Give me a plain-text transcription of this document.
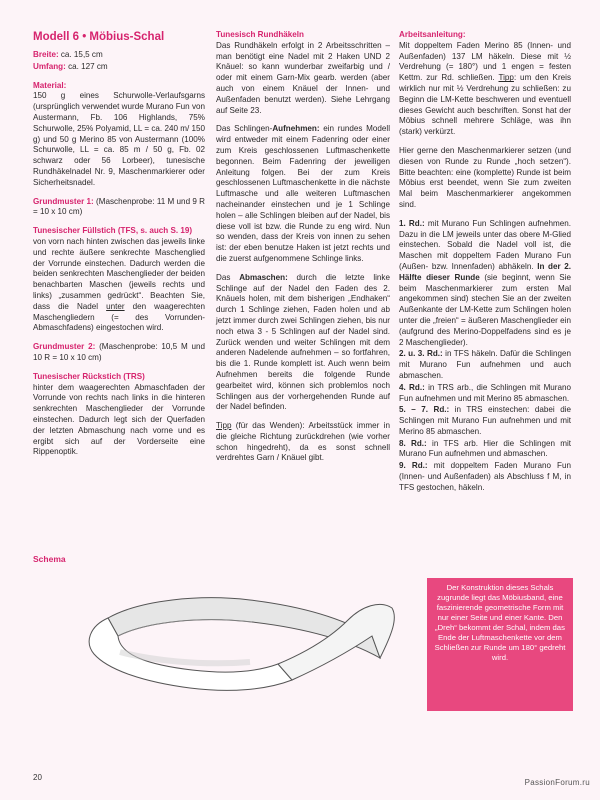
Modell 6 • Möbius-Schal

Breite: ca. 15,5 cm

Umfang: ca. 127 cm

Material:

150 g eines Schurwolle-Verlaufsgarns (ursprünglich verwendet wurde Murano Fun von Austermann, Fb. 106 Highlands, 75% Schurwolle, 25% Polyamid, LL = ca. 240 m/ 150 g) und 50 g Merino 85 von Austermann (100% Schurwolle, LL = ca. 85 m / 50 g, Fb. 02 schwarz oder 56 Lorbeer), tunesische Rundhäkelnadel Nr. 9, Maschenmarkierer oder Sicherheitsnadel.

Grundmuster 1: (Maschenprobe: 11 M und 9 R = 10 x 10 cm)

Tunesischer Füllstich (TFS, s. auch S. 19)

von vorn nach hinten zwischen das jeweils linke und rechte äußere senkrechte Maschenglied der Vorrunde einstechen. Dadurch werden die beiden senkrechten Maschenglieder der beiden benachbarten Maschen (jeweils rechts und links) „zusammen gedrückt“. Beachten Sie, dass die Nadel unter den waagerechten Maschengliedern (= des Vorrunden-Abmaschfadens) eingestochen wird.

Grundmuster 2: (Maschenprobe: 10,5 M und 10 R = 10 x 10 cm)

Tunesischer Rückstich (TRS)

hinter dem waagerechten Abmaschfaden der Vorrunde von rechts nach links in die hinteren senkrechten Maschenglieder der Vorrunde einstechen. Dadurch legt sich der Querfaden der letzten Abmaschung nach vorne und es ergibt sich auf der Vorderseite eine Rippenoptik.

Tunesisch Rundhäkeln

Das Rundhäkeln erfolgt in 2 Arbeitsschritten – man benötigt eine Nadel mit 2 Haken UND 2 Knäuel: so kann wunderbar zweifarbig und / oder mit einem Garn-Mix gearb. werden (aber auch von einem Knäuel der Innen- und Außenfaden benutzt werden). Siehe Lehrgang auf Seite 23.

Das Schlingen-Aufnehmen: ein rundes Modell wird entweder mit einem Fadenring oder einer zum Kreis geschlossenen Luftmaschenkette begonnen. Beim Fadenring der jeweiligen Anleitung folgen. Bei der zum Kreis geschlossenen Luftmaschenkette in die nächste Luftmasche und alle weiteren Luftmaschen nacheinander einstechen und je 1 Schlinge holen – alle Schlingen bleiben auf der Nadel, bis diese voll ist bzw. die Runde zu eng wird. Nun so wenden, dass der Kreis von innen zu sehen ist: der eben benutze Haken ist jetzt rechts und die zuerst aufgenommene Schlinge links.

Das Abmaschen: durch die letzte linke Schlinge auf der Nadel den Faden des 2. Knäuels holen, mit dem bisherigen „Endhaken“ durch 1 Schlinge ziehen, Faden holen und ab jetzt immer durch zwei Schlingen ziehen, bis nur noch etwa 3 - 5 Schlingen auf der Nadel sind. Zurück wenden und weiter Schlingen mit dem anderen Nadelende aufnehmen – so fortfahren, bis die 1. Runde komplett ist. Auch wenn beim Aufnehmen bereits die folgende Runde gearbeitet wird, können sich problemlos noch Schlingen aus der vorhergehenden Runde auf der Nadel befinden.

Tipp (für das Wenden): Arbeitsstück immer in die gleiche Richtung zurückdrehen (wie vorher schon hingedreht), da es sonst schnell verdrehtes Garn / Knäuel gibt.

Arbeitsanleitung:

Mit doppeltem Faden Merino 85 (Innen- und Außenfaden) 137 LM häkeln. Diese mit ½ Verdrehung (= 180°) und 1 engen = festen Kettm. zur Rd. schließen. Tipp: um den Kreis wirklich nur mit ½ Verdrehung zu schließen: zu Beginn die LM-Kette beschweren und eventuell dieses Gewicht auch beschriften. Sonst hat der Möbius schnell mehrere Schläge, was ihn (stark) verkürzt.

Hier gerne den Maschenmarkierer setzen (und diesen von Runde zu Runde „hoch setzen“). Bitte beachten: eine (komplette) Runde ist beim Möbius erst beendet, wenn Sie zum zweiten Mal beim Maschenmarkierer angekommen sind.

1. Rd.: mit Murano Fun Schlingen aufnehmen. Dazu in die LM jeweils unter das obere M-Glied einstechen. Sobald die Nadel voll ist, die Maschen mit doppeltem Faden Murano Fun (Außen- bzw. Innenfaden) abhäkeln. In der 2. Hälfte dieser Runde (sie beginnt, wenn Sie beim Maschenmarkierer zum ersten Mal angekommen sind) stechen Sie an der zweiten Außenkante der LM-Kette zum Schlingen holen unter die „freien“ = äußeren Maschenglieder ein (aufgrund des Merino-Doppelfadens sind es je 2 Maschenglieder).

2. u. 3. Rd.: in TFS häkeln. Dafür die Schlingen mit Murano Fun aufnehmen und auch abmaschen.

4. Rd.: in TRS arb., die Schlingen mit Murano Fun aufnehmen und mit Merino 85 abmaschen.

5. – 7. Rd.: in TRS einstechen: dabei die Schlingen mit Murano Fun aufnehmen und mit Merino 85 abmaschen.

8. Rd.: in TFS arb. Hier die Schlingen mit Murano Fun aufnehmen und abmaschen.

9. Rd.: mit doppeltem Faden Murano Fun (Innen- und Außenfaden) als Abschluss f M, in TFS gestochen, häkeln.

Schema
Der Konstruktion dieses Schals zugrunde liegt das Möbiusband, eine faszinierende geometrische Form mit nur einer Seite und einer Kante. Den „Dreh“ bekommt der Schal, indem das Ende der Luftmaschenkette vor dem Schließen zur Runde um 180° gedreht wird.
20
PassionForum.ru
